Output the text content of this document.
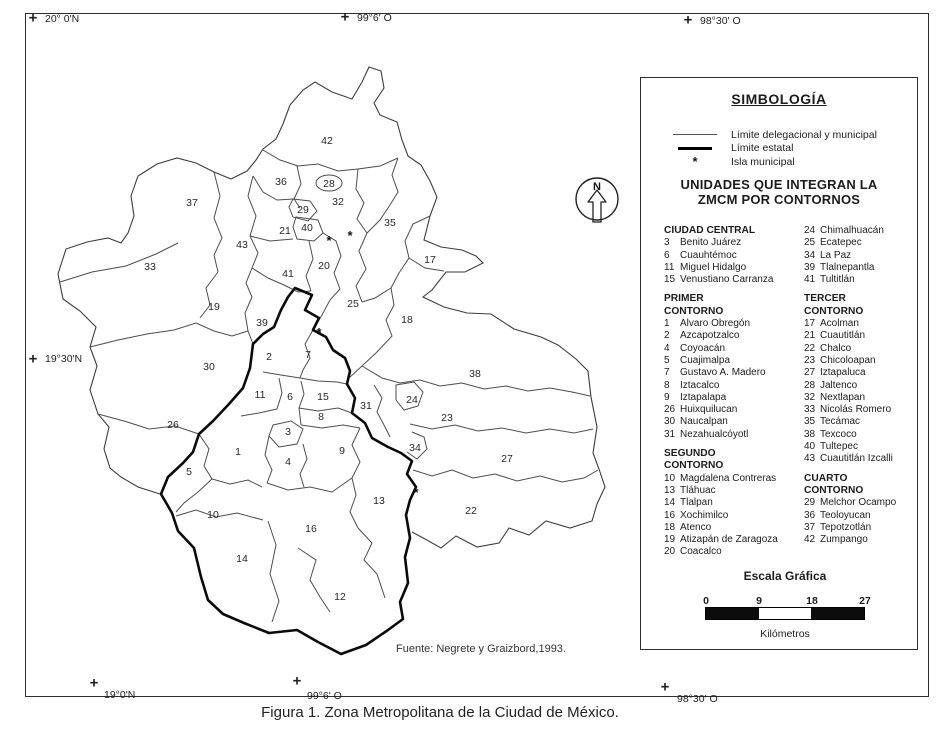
1
2
3
4
5
6
7
8
9
10
11
12
13
14
15
16
17
18
19
20
21
22
23
24
25
26
27
28
29
30
31
32
33
34
35
36
37
38
39
40
41
42
43	* *
*
*
N
+	+	+
+
+	+	+
20° 0'N	99°6' O	98°30' O
19°30'N
19°0'N	99°6' O	98°30' O
SIMBOLOGÍA
Límite delegacional y municipal
Límite estatal
*	Isla municipal
UNIDADES QUE INTEGRAN LA
ZMCM POR CONTORNOS
CIUDAD CENTRAL
3	Benito Juárez
6	Cuauhtémoc
11 Miguel Hidalgo
15 Venustiano Carranza
PRIMER
CONTORNO
1	Alvaro Obregón
2	Azcapotzalco
4	Coyoacán
5	Cuajimalpa
7	Gustavo A. Madero
8	Iztacalco
9	Iztapalapa
26 Huixquilucan
30 Naucalpan
31 Nezahualcóyotl
SEGUNDO
CONTORNO
10 Magdalena Contreras
13 Tláhuac
14 Tlalpan
16 Xochimilco
18 Atenco
19 Atizapán de Zaragoza
20 Coacalco
24 Chimalhuacán
25 Ecatepec
34 La Paz
39 Tlalnepantla
41 Tultitlán
TERCER
CONTORNO
17 Acolman
21 Cuautitlán
22 Chalco
23 Chicoloapan
27 Iztapaluca
28 Jaltenco
32 Nextlapan
33 Nicolás Romero
35 Tecámac
38 Texcoco
40 Tultepec
43 Cuautitlán Izcalli
CUARTO
CONTORNO
29 Melchor Ocampo
36 Teoloyucan
37 Tepotzotlán
42 Zumpango
Escala Gráfica
0	9	18	27
Kilómetros
Fuente: Negrete y Graizbord,1993.
Figura 1. Zona Metropolitana de la Ciudad de México.
